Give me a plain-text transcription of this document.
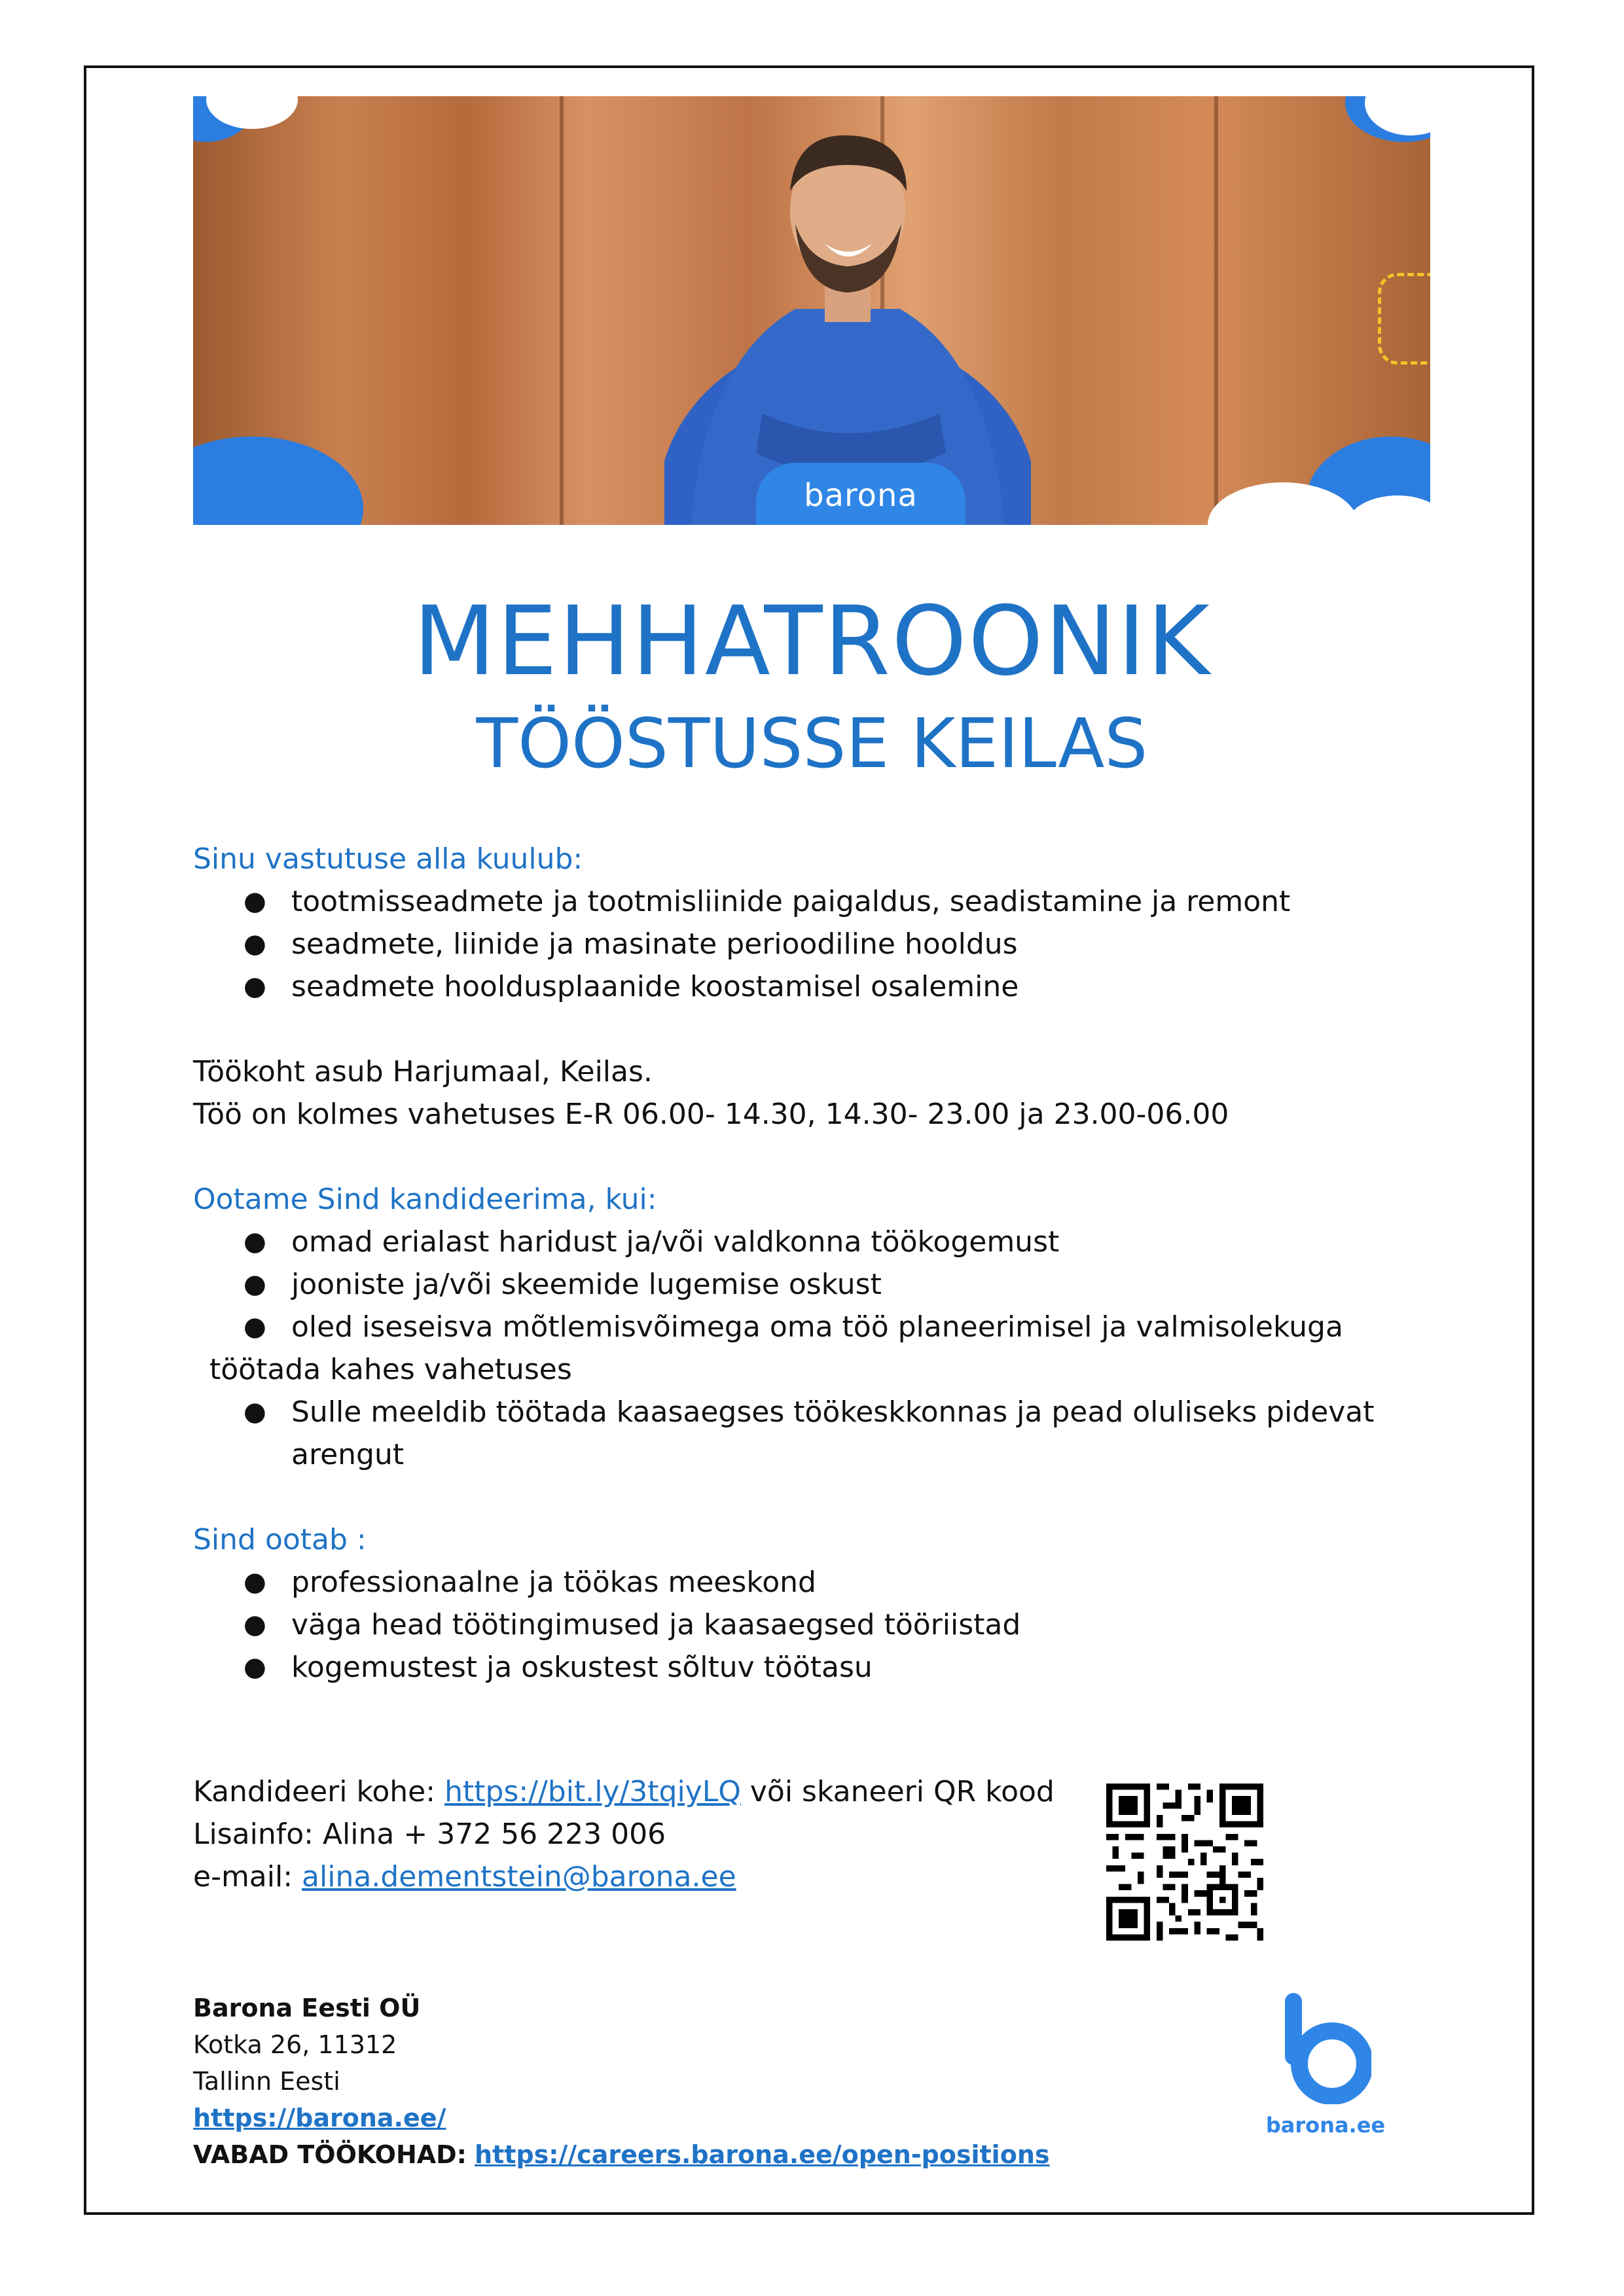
barona
MEHHATROONIK
TÖÖSTUSSE KEILAS
Sinu vastutuse alla kuulub:
● tootmisseadmete ja tootmisliinide paigaldus, seadistamine ja remont
● seadmete, liinide ja masinate perioodiline hooldus
● seadmete hooldusplaanide koostamisel osalemine
Töökoht asub Harjumaal, Keilas.
Töö on kolmes vahetuses E-R 06.00- 14.30, 14.30- 23.00 ja 23.00-06.00
Ootame Sind kandideerima, kui:
● omad erialast haridust ja/või valdkonna töökogemust
● jooniste ja/või skeemide lugemise oskust
● oled iseseisva mõtlemisvõimega oma töö planeerimisel ja valmisolekuga
töötada kahes vahetuses
● Sulle meeldib töötada kaasaegses töökeskkonnas ja pead oluliseks pidevat
arengut
Sind ootab :
● professionaalne ja töökas meeskond
● väga head töötingimused ja kaasaegsed tööriistad
● kogemustest ja oskustest sõltuv töötasu
Kandideeri kohe: https://bit.ly/3tqiyLQ või skaneeri QR kood
Lisainfo: Alina + 372 56 223 006
e-mail: alina.dementstein@barona.ee
Barona Eesti OÜ
Kotka 26, 11312
Tallinn Eesti
https://barona.ee/
VABAD TÖÖKOHAD: https://careers.barona.ee/open-positions
barona.ee
